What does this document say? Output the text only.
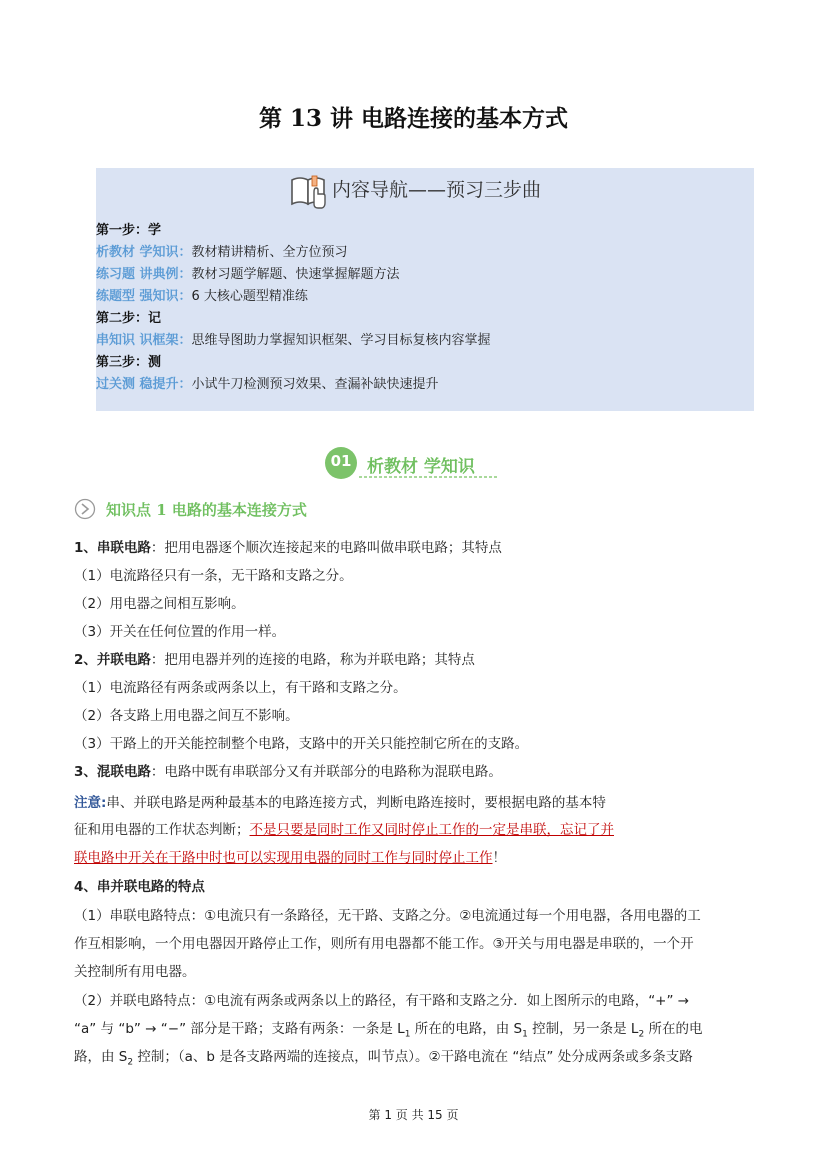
第 13 讲 电路连接的基本方式
内容导航——预习三步曲
第一步：学
析教材 学知识：教材精讲精析、全方位预习
练习题 讲典例：教材习题学解题、快速掌握解题方法
练题型 强知识：6 大核心题型精准练
第二步：记
串知识 识框架：思维导图助力掌握知识框架、学习目标复核内容掌握
第三步：测
过关测 稳提升：小试牛刀检测预习效果、查漏补缺快速提升
01 析教材 学知识
知识点 1 电路的基本连接方式
1、串联电路：把用电器逐个顺次连接起来的电路叫做串联电路；其特点
（1）电流路径只有一条，无干路和支路之分。
（2）用电器之间相互影响。
（3）开关在任何位置的作用一样。
2、并联电路：把用电器并列的连接的电路，称为并联电路；其特点
（1）电流路径有两条或两条以上，有干路和支路之分。
（2）各支路上用电器之间互不影响。
（3）干路上的开关能控制整个电路，支路中的开关只能控制它所在的支路。
3、混联电路：电路中既有串联部分又有并联部分的电路称为混联电路。
注意:串、并联电路是两种最基本的电路连接方式，判断电路连接时，要根据电路的基本特
征和用电器的工作状态判断；不是只要是同时工作又同时停止工作的一定是串联，忘记了并
联电路中开关在干路中时也可以实现用电器的同时工作与同时停止工作！
4、串并联电路的特点
（1）串联电路特点：①电流只有一条路径，无干路、支路之分。②电流通过每一个用电器，各用电器的工
作互相影响，一个用电器因开路停止工作，则所有用电器都不能工作。③开关与用电器是串联的，一个开
关控制所有用电器。
（2）并联电路特点：①电流有两条或两条以上的路径，有干路和支路之分．如上图所示的电路，“+” →
“a” 与 “b” → “−” 部分是干路；支路有两条：一条是 $L_1$ 所在的电路，由 $S_1$ 控制，另一条是 $L_2$ 所在的电
路，由 $S_2$ 控制；（a、b 是各支路两端的连接点，叫节点）。②干路电流在 “结点” 处分成两条或多条支路
第 1 页 共 15 页
